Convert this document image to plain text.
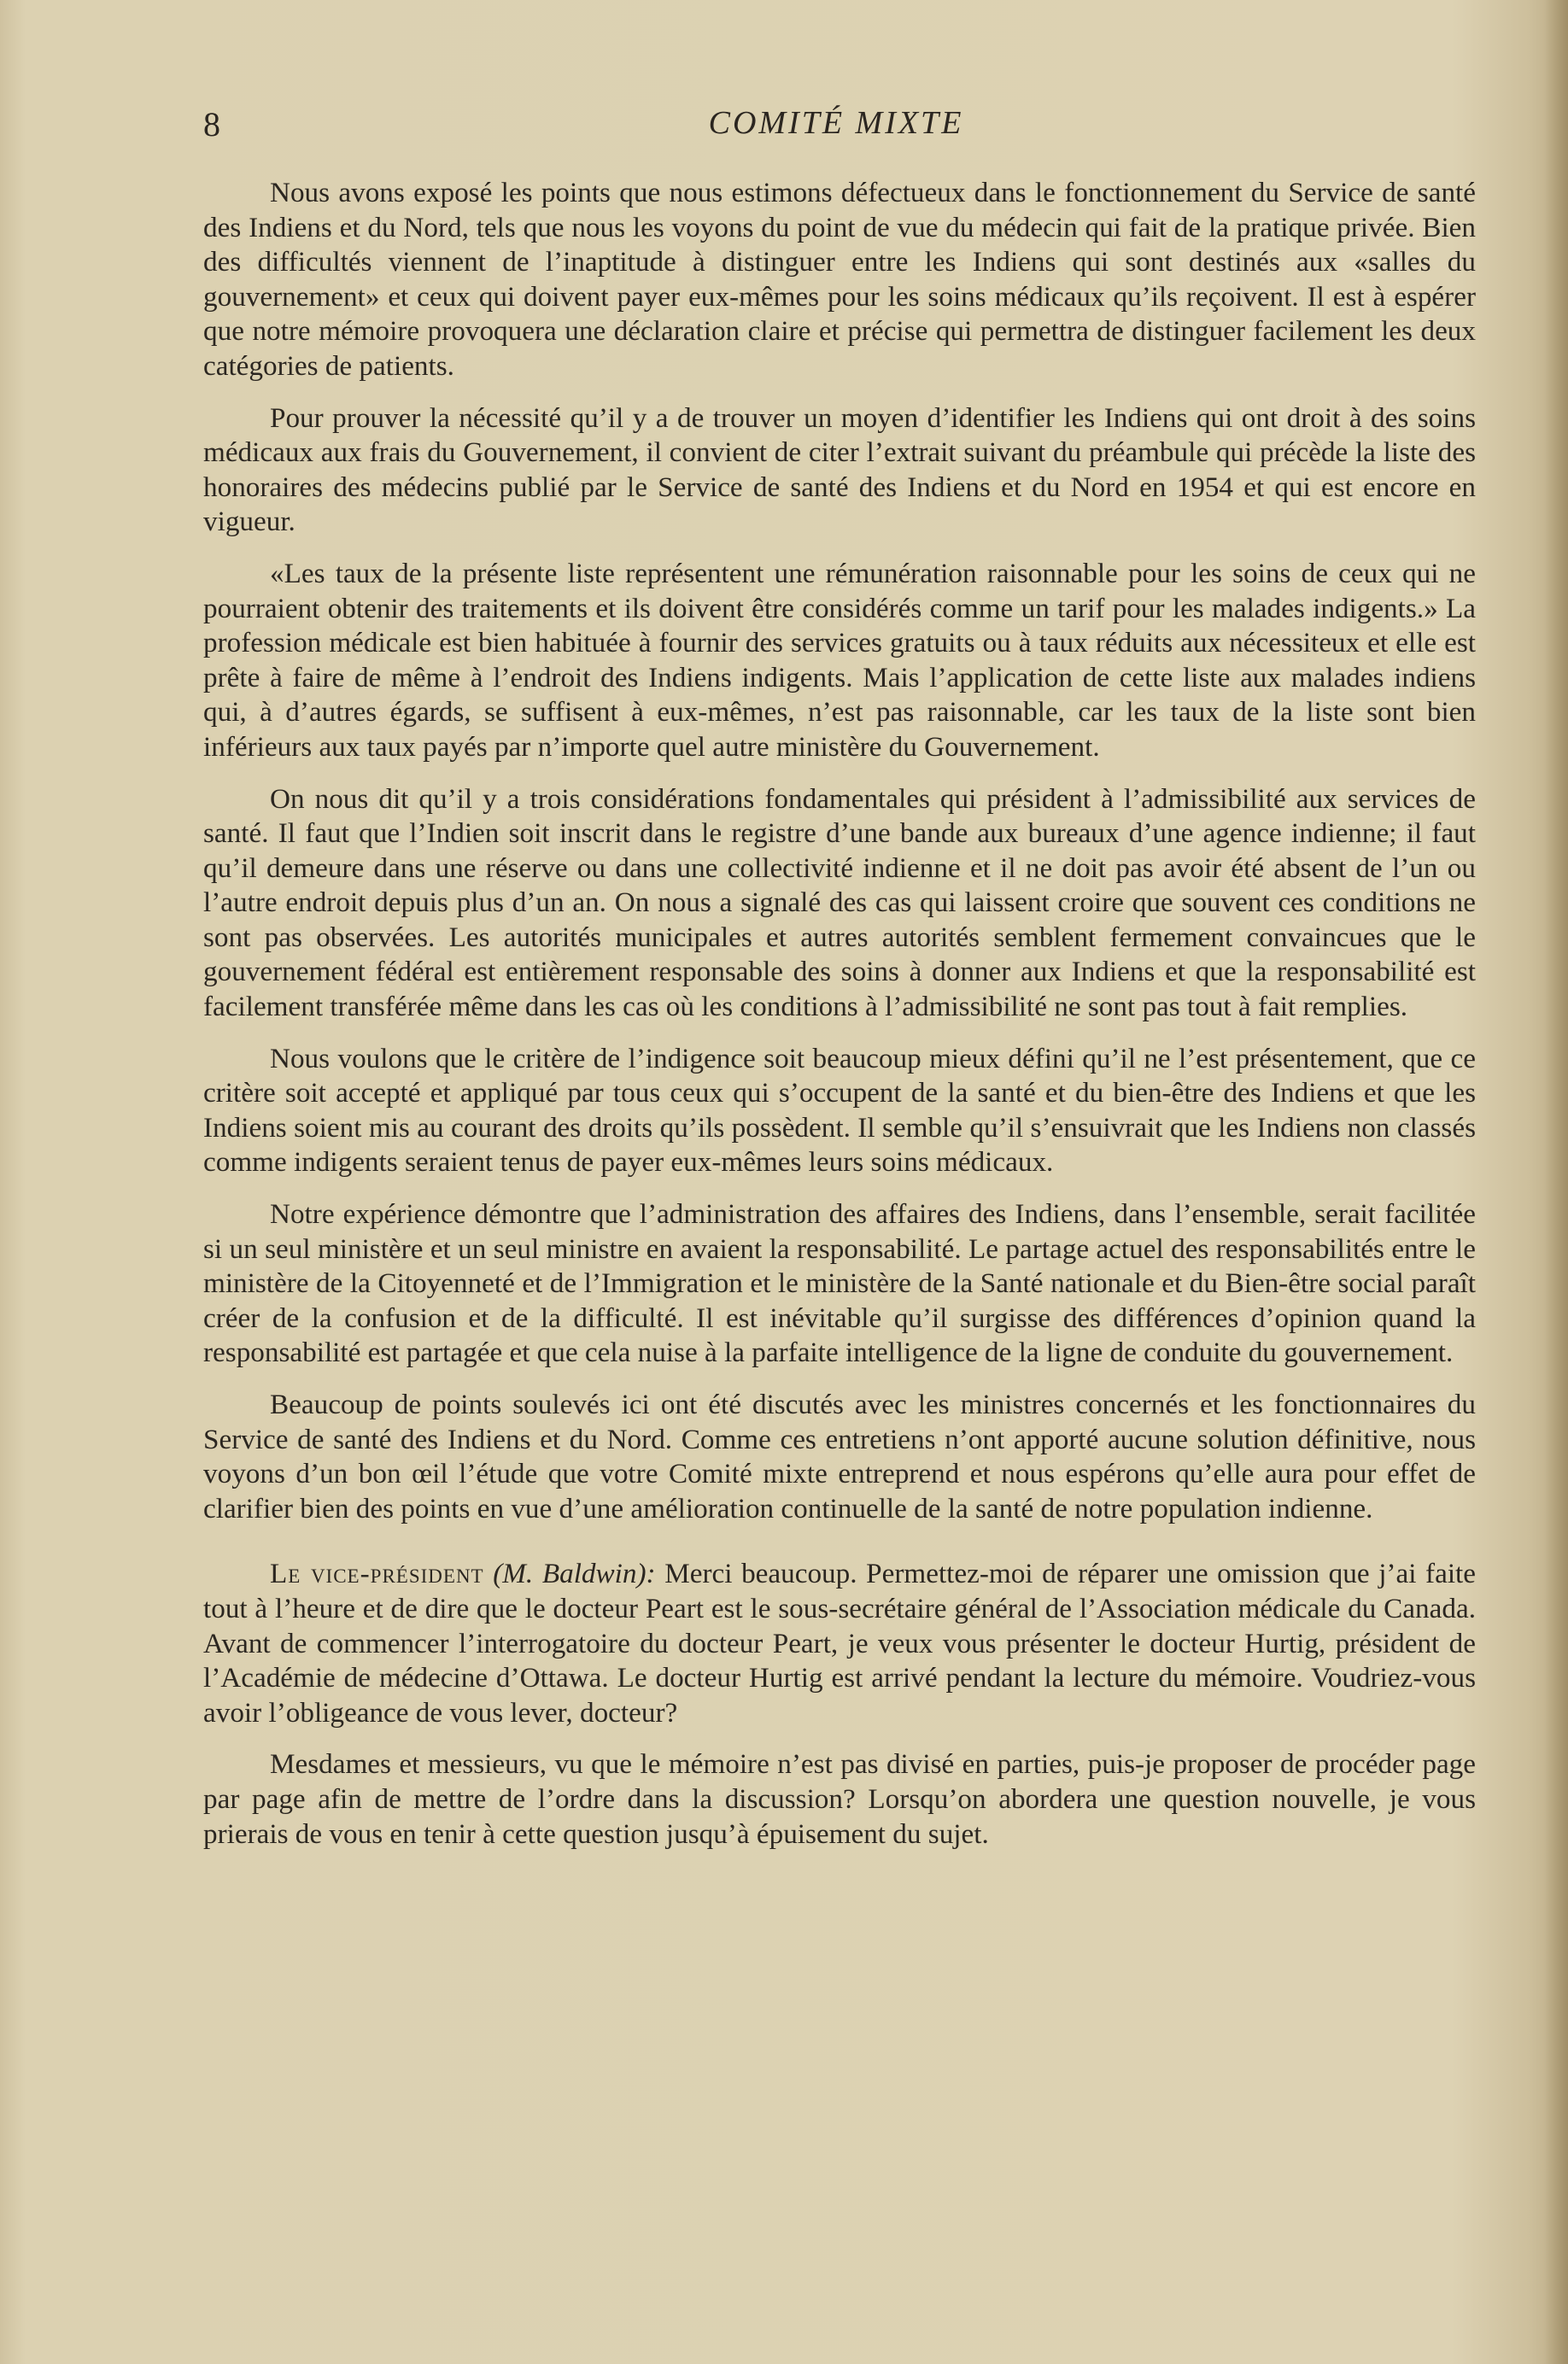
8	COMITÉ MIXTE

Nous avons exposé les points que nous estimons défectueux dans le fonctionnement du Service de santé des Indiens et du Nord, tels que nous les voyons du point de vue du médecin qui fait de la pratique privée. Bien des difficultés viennent de l’inaptitude à distinguer entre les Indiens qui sont destinés aux «salles du gouvernement» et ceux qui doivent payer eux-mêmes pour les soins médicaux qu’ils reçoivent. Il est à espérer que notre mémoire provoquera une déclaration claire et précise qui permettra de distinguer facilement les deux catégories de patients.

Pour prouver la nécessité qu’il y a de trouver un moyen d’identifier les Indiens qui ont droit à des soins médicaux aux frais du Gouvernement, il convient de citer l’extrait suivant du préambule qui précède la liste des honoraires des médecins publié par le Service de santé des Indiens et du Nord en 1954 et qui est encore en vigueur.

«Les taux de la présente liste représentent une rémunération raisonnable pour les soins de ceux qui ne pourraient obtenir des traitements et ils doivent être considérés comme un tarif pour les malades indigents.» La profession médicale est bien habituée à fournir des services gratuits ou à taux réduits aux nécessiteux et elle est prête à faire de même à l’endroit des Indiens indigents. Mais l’application de cette liste aux malades indiens qui, à d’autres égards, se suffisent à eux-mêmes, n’est pas raisonnable, car les taux de la liste sont bien inférieurs aux taux payés par n’importe quel autre ministère du Gouvernement.

On nous dit qu’il y a trois considérations fondamentales qui président à l’admissibilité aux services de santé. Il faut que l’Indien soit inscrit dans le registre d’une bande aux bureaux d’une agence indienne; il faut qu’il demeure dans une réserve ou dans une collectivité indienne et il ne doit pas avoir été absent de l’un ou l’autre endroit depuis plus d’un an. On nous a signalé des cas qui laissent croire que souvent ces conditions ne sont pas observées. Les autorités municipales et autres autorités semblent fermement convaincues que le gouvernement fédéral est entièrement responsable des soins à donner aux Indiens et que la responsabilité est facilement transférée même dans les cas où les conditions à l’admissibilité ne sont pas tout à fait remplies.

Nous voulons que le critère de l’indigence soit beaucoup mieux défini qu’il ne l’est présentement, que ce critère soit accepté et appliqué par tous ceux qui s’occupent de la santé et du bien-être des Indiens et que les Indiens soient mis au courant des droits qu’ils possèdent. Il semble qu’il s’ensuivrait que les Indiens non classés comme indigents seraient tenus de payer eux-mêmes leurs soins médicaux.

Notre expérience démontre que l’administration des affaires des Indiens, dans l’ensemble, serait facilitée si un seul ministère et un seul ministre en avaient la responsabilité. Le partage actuel des responsabilités entre le ministère de la Citoyenneté et de l’Immigration et le ministère de la Santé nationale et du Bien-être social paraît créer de la confusion et de la difficulté. Il est inévitable qu’il surgisse des différences d’opinion quand la responsabilité est partagée et que cela nuise à la parfaite intelligence de la ligne de conduite du gouvernement.

Beaucoup de points soulevés ici ont été discutés avec les ministres concernés et les fonctionnaires du Service de santé des Indiens et du Nord. Comme ces entretiens n’ont apporté aucune solution définitive, nous voyons d’un bon œil l’étude que votre Comité mixte entreprend et nous espérons qu’elle aura pour effet de clarifier bien des points en vue d’une amélioration continuelle de la santé de notre population indienne.

Le vice-président (M. Baldwin): Merci beaucoup. Permettez-moi de réparer une omission que j’ai faite tout à l’heure et de dire que le docteur Peart est le sous-secrétaire général de l’Association médicale du Canada. Avant de commencer l’interrogatoire du docteur Peart, je veux vous présenter le docteur Hurtig, président de l’Académie de médecine d’Ottawa. Le docteur Hurtig est arrivé pendant la lecture du mémoire. Voudriez-vous avoir l’obligeance de vous lever, docteur?

Mesdames et messieurs, vu que le mémoire n’est pas divisé en parties, puis-je proposer de procéder page par page afin de mettre de l’ordre dans la discussion? Lorsqu’on abordera une question nouvelle, je vous prierais de vous en tenir à cette question jusqu’à épuisement du sujet.
